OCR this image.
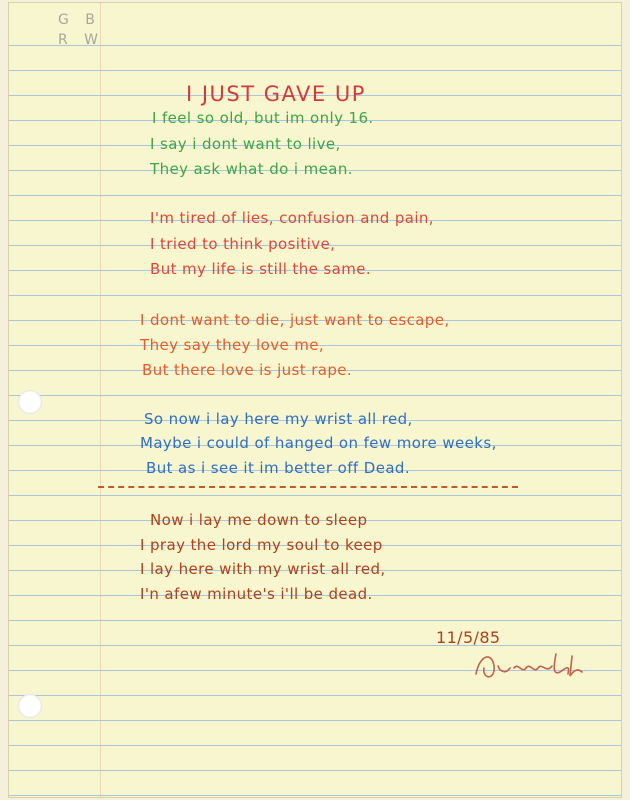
G B
R W
I JUST GAVE UP
I feel so old, but im only 16.
I say i dont want to live,
They ask what do i mean.
I'm tired of lies, confusion and pain,
I tried to think positive,
But my life is still the same.
I dont want to die, just want to escape,
They say they love me,
But there love is just rape.
So now i lay here my wrist all red,
Maybe i could of hanged on few more weeks,
But as i see it im better off Dead.
Now i lay me down to sleep
I pray the lord my soul to keep
I lay here with my wrist all red,
I'n afew minute's i'll be dead.
11/5/85
